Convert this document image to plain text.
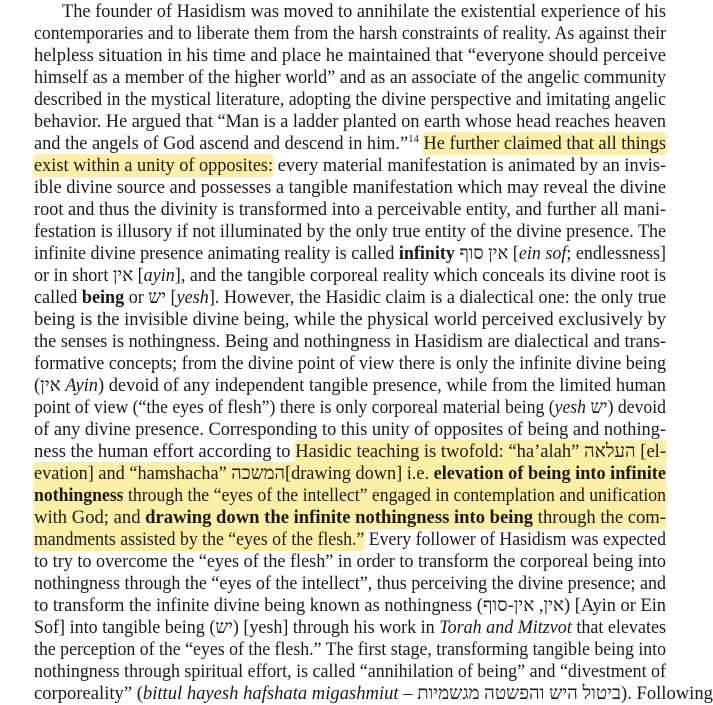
The founder of Hasidism was moved to annihilate the existential experience of his
contemporaries and to liberate them from the harsh constraints of reality. As against their
helpless situation in his time and place he maintained that “everyone should perceive
himself as a member of the higher world” and as an associate of the angelic community
described in the mystical literature, adopting the divine perspective and imitating angelic
behavior. He argued that “Man is a ladder planted on earth whose head reaches heaven
and the angels of God ascend and descend in him.”$^{14}$ He further claimed that all things
exist within a unity of opposites: every material manifestation is animated by an invis-
ible divine source and possesses a tangible manifestation which may reveal the divine
root and thus the divinity is transformed into a perceivable entity, and further all mani-
festation is illusory if not illuminated by the only true entity of the divine presence. The
infinite divine presence animating reality is called infinity אין סוף [ein sof; endlessness]
or in short אין [ayin], and the tangible corporeal reality which conceals its divine root is
called being or יש [yesh]. However, the Hasidic claim is a dialectical one: the only true
being is the invisible divine being, while the physical world perceived exclusively by
the senses is nothingness. Being and nothingness in Hasidism are dialectical and trans-
formative concepts; from the divine point of view there is only the infinite divine being
(אין Ayin) devoid of any independent tangible presence, while from the limited human
point of view (“the eyes of flesh”) there is only corporeal material being (yesh יש) devoid
of any divine presence. Corresponding to this unity of opposites of being and nothing-
ness the human effort according to Hasidic teaching is twofold: “ha’alah” העלאה [el-
evation] and “hamshacha” המשכה[drawing down] i.e. elevation of being into infinite
nothingness through the “eyes of the intellect” engaged in contemplation and unification
with God; and drawing down the infinite nothingness into being through the com-
mandments assisted by the “eyes of the flesh.” Every follower of Hasidism was expected
to try to overcome the “eyes of the flesh” in order to transform the corporeal being into
nothingness through the “eyes of the intellect”, thus perceiving the divine presence; and
to transform the infinite divine being known as nothingness (אין, אין-סוף) [Ayin or Ein
Sof] into tangible being (יש) [yesh] through his work in Torah and Mitzvot that elevates
the perception of the “eyes of the flesh.” The first stage, transforming tangible being into
nothingness through spiritual effort, is called “annihilation of being” and “divestment of
corporeality” (bittul hayesh hafshata migashmiut – ביטול היש והפשטה מגשמיות). Following
